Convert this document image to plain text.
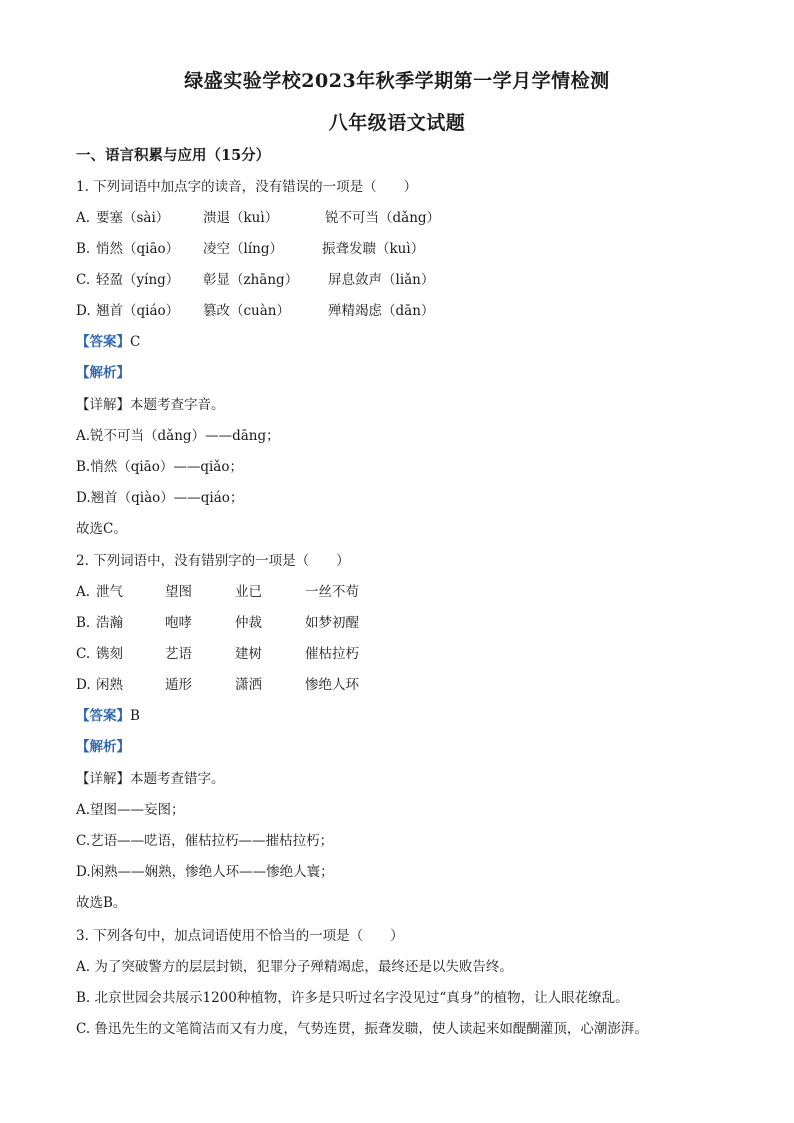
绿盛实验学校2023年秋季学期第一学月学情检测
八年级语文试题
一、语言积累与应用（15分）
1. 下列词语中加点字的读音，没有错误的一项是（　　）
A. 要塞（sài） 溃退（kuì）	锐不可当（dǎng）
B. 悄然（qiāo） 凌空（líng）	振聋发聩（kuì）
C. 轻盈（yíng） 彰显（zhāng） 屏息敛声（liǎn）
D. 翘首（qiáo） 篡改（cuàn）	殚精竭虑（dān）
【答案】C
【解析】
【详解】本题考查字音。
A.锐不可当（dǎng）——dāng；
B.悄然（qiāo）——qiǎo；
D.翘首（qiào）——qiáo；
故选C。
2. 下列词语中，没有错别字的一项是（　　）
A. 泄气	望图	业已	一丝不苟
B. 浩瀚	咆哮	仲裁	如梦初醒
C. 镌刻	艺语	建树	催枯拉朽
D. 闲熟	遁形	潇洒	惨绝人环
【答案】B
【解析】
【详解】本题考查错字。
A.望图——妄图；
C.艺语——呓语，催枯拉朽——摧枯拉朽；
D.闲熟——娴熟，惨绝人环——惨绝人寰；
故选B。
3. 下列各句中，加点词语使用不恰当的一项是（　　）
A. 为了突破警方的层层封锁，犯罪分子殚精竭虑，最终还是以失败告终。
B. 北京世园会共展示1200种植物，许多是只听过名字没见过“真身”的植物，让人眼花缭乱。
C. 鲁迅先生的文笔简洁而又有力度，气势连贯，振聋发聩，使人读起来如醍醐灌顶，心潮澎湃。
